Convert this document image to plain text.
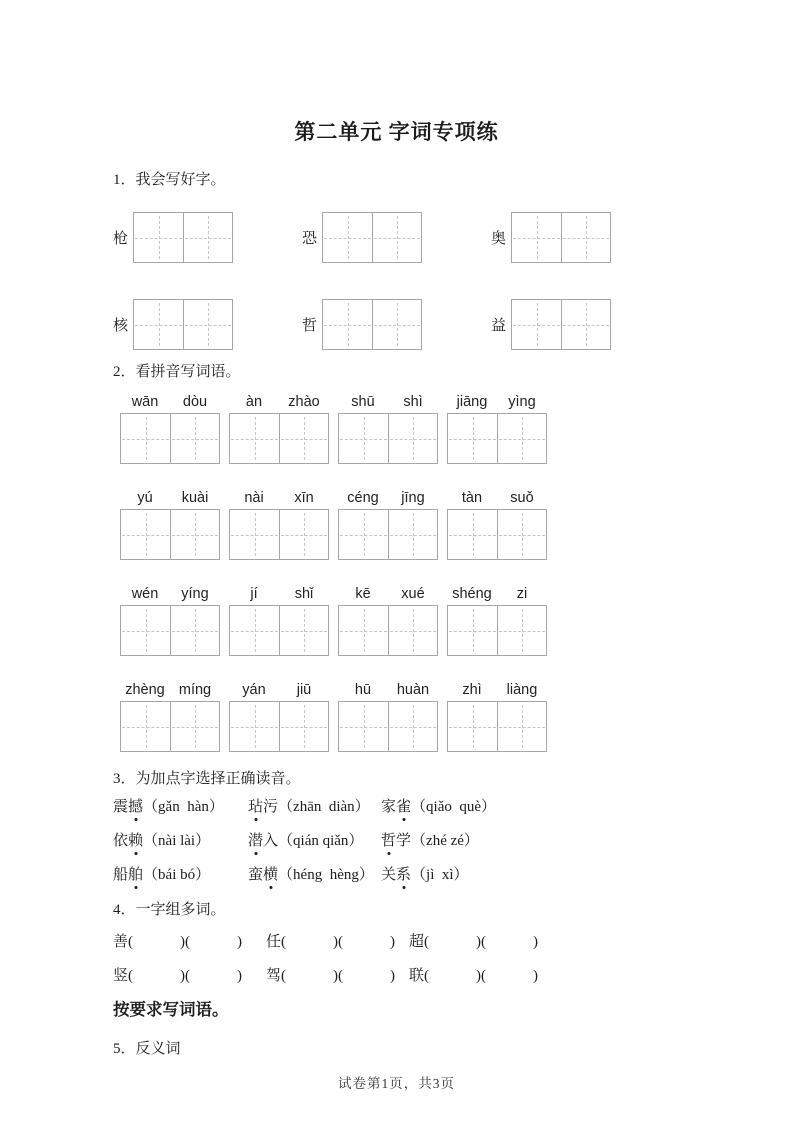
第二单元 字词专项练
1．我会写好字。
枪	恐	奥
核	哲	益
2．看拼音写词语。
wān	dòu	àn	zhào	shū	shì	jiāng	yìng
yú	kuài	nài	xīn	céng	jīng	tàn	suǒ
wén	yíng	jí	shǐ	kē	xué	shéng	zi
zhèng míng	yán	jiū	hū	huàn	zhì	liàng
3．为加点字选择正确读音。
震撼（gǎn  hàn）	玷污（zhān  diàn） 家雀（qiǎo  què）
依赖（nài lài）	潜入（qián qiǎn）	哲学（zhé zé）
船舶（bái bó）	蛮横（héng  hèng） 关系（jì  xì）
4．一字组多词。
善(	)(	)	任(	)(	) 超(	)(	)
竖(	)(	)	驾(	)(	) 联(	)(	)
按要求写词语。
5．反义词
试卷第1页，共3页
